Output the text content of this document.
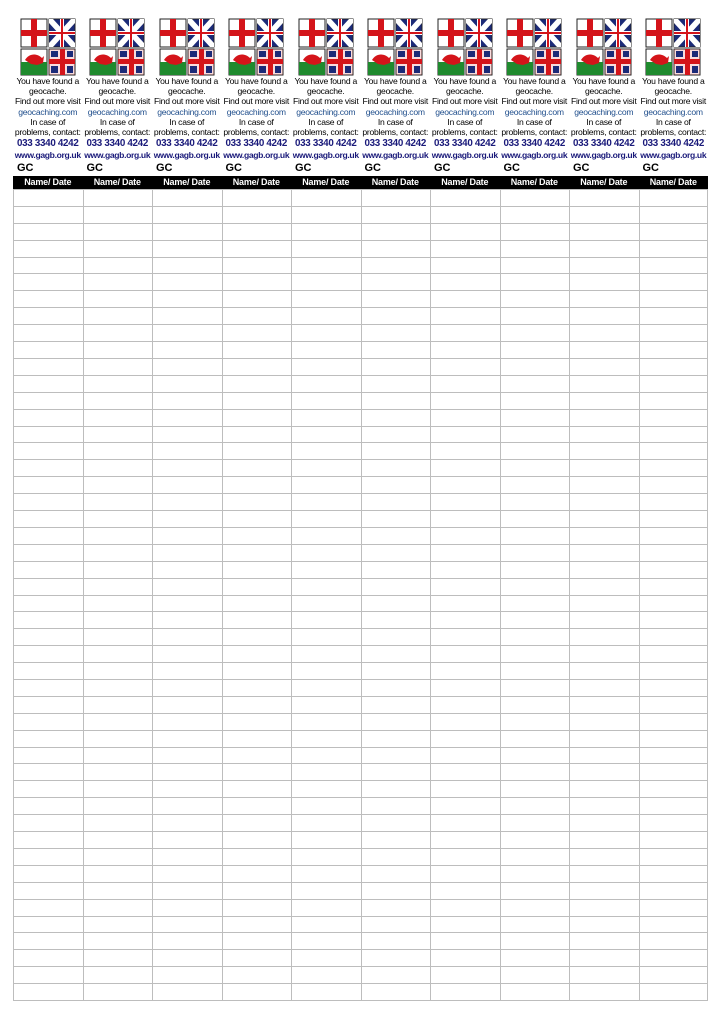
You have found a
geocache.
Find out more visit
geocaching.com
In case of
problems, contact:
033 3340 4242
www.gagb.org.uk
GC
You have found a
geocache.
Find out more visit
geocaching.com
In case of
problems, contact:
033 3340 4242
www.gagb.org.uk
GC
You have found a
geocache.
Find out more visit
geocaching.com
In case of
problems, contact:
033 3340 4242
www.gagb.org.uk
GC
You have found a
geocache.
Find out more visit
geocaching.com
In case of
problems, contact:
033 3340 4242
www.gagb.org.uk
GC
You have found a
geocache.
Find out more visit
geocaching.com
In case of
problems, contact:
033 3340 4242
www.gagb.org.uk
GC
You have found a
geocache.
Find out more visit
geocaching.com
In case of
problems, contact:
033 3340 4242
www.gagb.org.uk
GC
You have found a
geocache.
Find out more visit
geocaching.com
In case of
problems, contact:
033 3340 4242
www.gagb.org.uk
GC
You have found a
geocache.
Find out more visit
geocaching.com
In case of
problems, contact:
033 3340 4242
www.gagb.org.uk
GC
You have found a
geocache.
Find out more visit
geocaching.com
In case of
problems, contact:
033 3340 4242
www.gagb.org.uk
GC
You have found a
geocache.
Find out more visit
geocaching.com
In case of
problems, contact:
033 3340 4242
www.gagb.org.uk
GC
Name/ Date	Name/ Date	Name/ Date	Name/ Date	Name/ Date	Name/ Date	Name/ Date	Name/ Date	Name/ Date	Name/ Date
